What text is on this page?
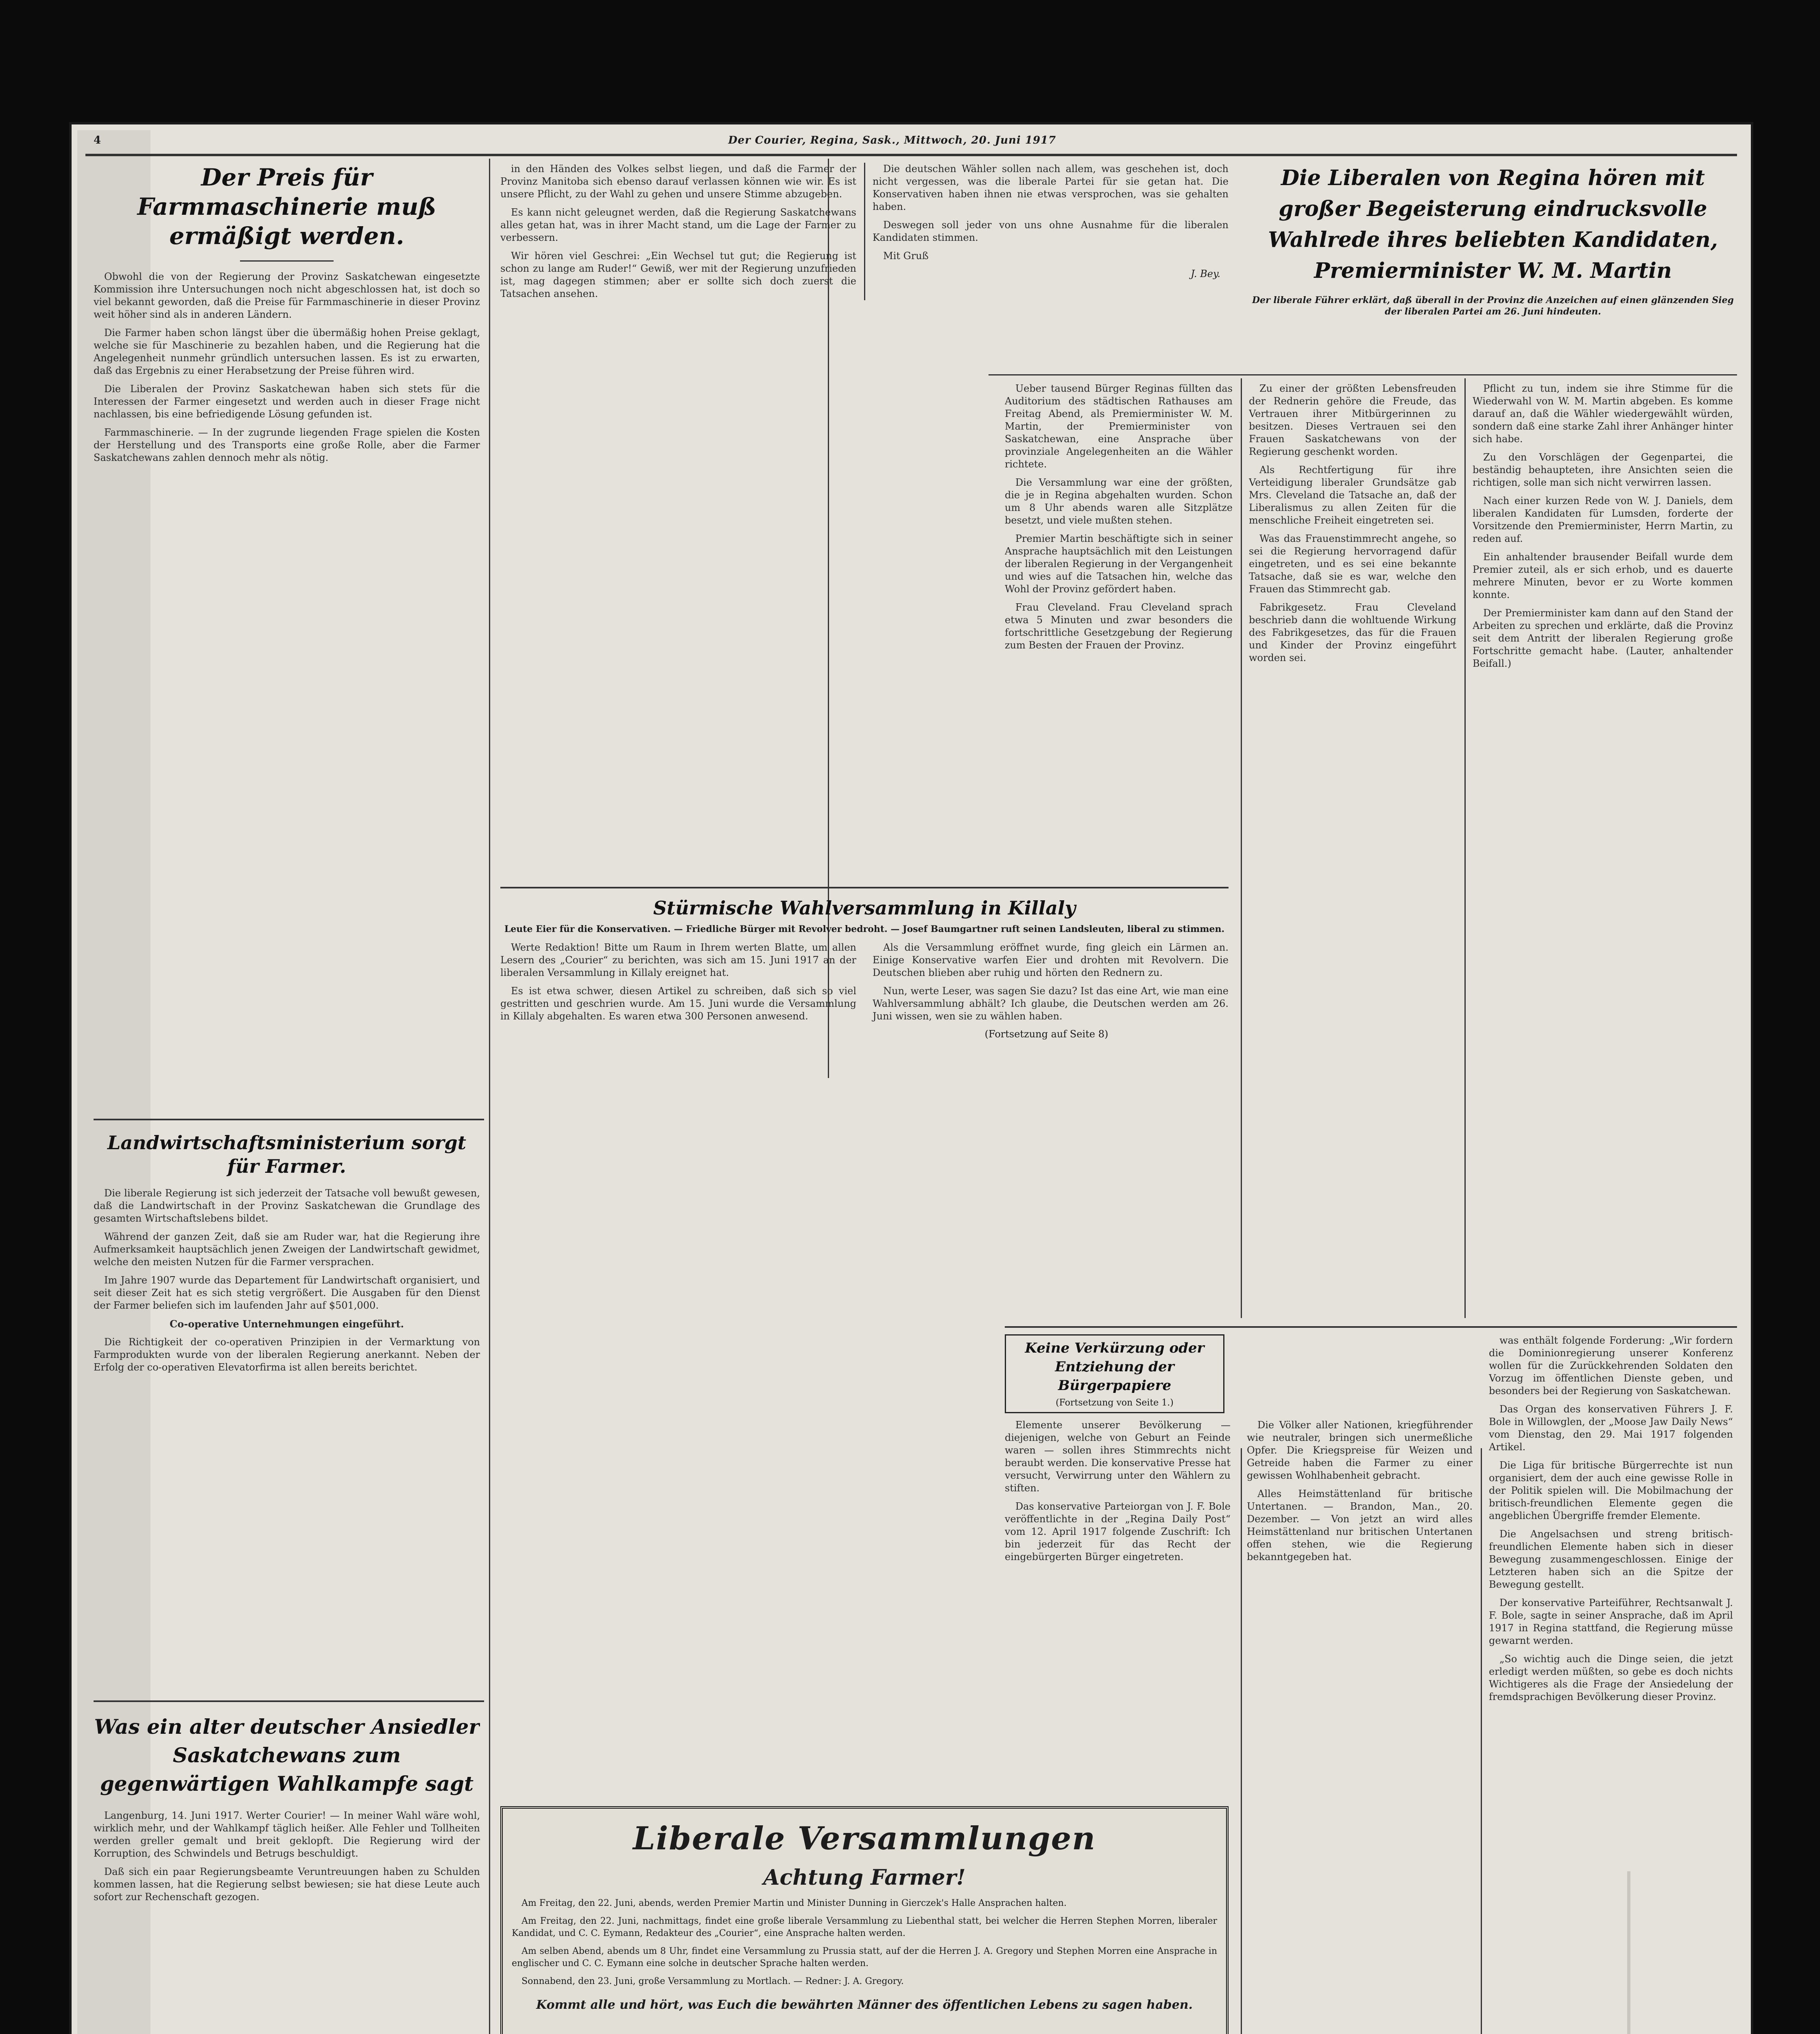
4	Der Courier, Regina, Sask., Mittwoch, 20. Juni 1917
Der Preis für Farmmaschinerie muß ermäßigt werden.

Obwohl die von der Regierung der Provinz Saskatchewan eingesetzte Kommission ihre Untersuchungen noch nicht abgeschlossen hat, ist doch so viel bekannt geworden, daß die Preise für Farmmaschinerie in dieser Provinz weit höher sind als in anderen Ländern.

Die Farmer haben schon längst über die übermäßig hohen Preise geklagt, welche sie für Maschinerie zu bezahlen haben, und die Regierung hat die Angelegenheit nunmehr gründlich untersuchen lassen. Es ist zu erwarten, daß das Ergebnis zu einer Herabsetzung der Preise führen wird.

Die Liberalen der Provinz Saskatchewan haben sich stets für die Interessen der Farmer eingesetzt und werden auch in dieser Frage nicht nachlassen, bis eine befriedigende Lösung gefunden ist.

Farmmaschinerie. — In der zugrunde liegenden Frage spielen die Kosten der Herstellung und des Transports eine große Rolle, aber die Farmer Saskatchewans zahlen dennoch mehr als nötig.

Landwirtschaftsministerium sorgt für Farmer.

Die liberale Regierung ist sich jederzeit der Tatsache voll bewußt gewesen, daß die Landwirtschaft in der Provinz Saskatchewan die Grundlage des gesamten Wirtschaftslebens bildet.

Während der ganzen Zeit, daß sie am Ruder war, hat die Regierung ihre Aufmerksamkeit hauptsächlich jenen Zweigen der Landwirtschaft gewidmet, welche den meisten Nutzen für die Farmer versprachen.

Im Jahre 1907 wurde das Departement für Landwirtschaft organisiert, und seit dieser Zeit hat es sich stetig vergrößert. Die Ausgaben für den Dienst der Farmer beliefen sich im laufenden Jahr auf $501,000.

Co-operative Unternehmungen eingeführt.

Die Richtigkeit der co-operativen Prinzipien in der Vermarktung von Farmprodukten wurde von der liberalen Regierung anerkannt. Neben der Erfolg der co-operativen Elevatorfirma ist allen bereits berichtet.

Was ein alter deutscher Ansiedler Saskatchewans zum gegenwärtigen Wahlkampfe sagt

Langenburg, 14. Juni 1917. Werter Courier! — In meiner Wahl wäre wohl, wirklich mehr, und der Wahlkampf täglich heißer. Alle Fehler und Tollheiten werden greller gemalt und breit geklopft. Die Regierung wird der Korruption, des Schwindels und Betrugs beschuldigt.

Daß sich ein paar Regierungsbeamte Veruntreuungen haben zu Schulden kommen lassen, hat die Regierung selbst bewiesen; sie hat diese Leute auch sofort zur Rechenschaft gezogen.

in den Händen des Volkes selbst liegen, und daß die Farmer der Provinz Manitoba sich ebenso darauf verlassen können wie wir. Es ist unsere Pflicht, zu der Wahl zu gehen und unsere Stimme abzugeben.

Es kann nicht geleugnet werden, daß die Regierung Saskatchewans alles getan hat, was in ihrer Macht stand, um die Lage der Farmer zu verbessern.

Wir hören viel Geschrei: „Ein Wechsel tut gut; die Regierung ist schon zu lange am Ruder!“ Gewiß, wer mit der Regierung unzufrieden ist, mag dagegen stimmen; aber er sollte sich doch zuerst die Tatsachen ansehen.

Die deutschen Wähler sollen nach allem, was geschehen ist, doch nicht vergessen, was die liberale Partei für sie getan hat. Die Konservativen haben ihnen nie etwas versprochen, was sie gehalten haben.

Deswegen soll jeder von uns ohne Ausnahme für die liberalen Kandidaten stimmen.

Mit Gruß

J. Bey.
Stürmische Wahlversammlung in Killaly
Leute Eier für die Konservativen. — Friedliche Bürger mit Revolver bedroht. — Josef Baumgartner ruft seinen Landsleuten, liberal zu stimmen.

Werte Redaktion! Bitte um Raum in Ihrem werten Blatte, um allen Lesern des „Courier“ zu berichten, was sich am 15. Juni 1917 an der liberalen Versammlung in Killaly ereignet hat.

Es ist etwa schwer, diesen Artikel zu schreiben, daß sich so viel gestritten und geschrien wurde. Am 15. Juni wurde die Versammlung in Killaly abgehalten. Es waren etwa 300 Personen anwesend.

Als die Versammlung eröffnet wurde, fing gleich ein Lärmen an. Einige Konservative warfen Eier und drohten mit Revolvern. Die Deutschen blieben aber ruhig und hörten den Rednern zu.

Nun, werte Leser, was sagen Sie dazu? Ist das eine Art, wie man eine Wahlversammlung abhält? Ich glaube, die Deutschen werden am 26. Juni wissen, wen sie zu wählen haben.

(Fortsetzung auf Seite 8)
Liberale Versammlungen
Achtung Farmer!

Am Freitag, den 22. Juni, abends, werden Premier Martin und Minister Dunning in Gierczek's Halle Ansprachen halten.

Am Freitag, den 22. Juni, nachmittags, findet eine große liberale Versammlung zu Liebenthal statt, bei welcher die Herren Stephen Morren, liberaler Kandidat, und C. C. Eymann, Redakteur des „Courier“, eine Ansprache halten werden.

Am selben Abend, abends um 8 Uhr, findet eine Versammlung zu Prussia statt, auf der die Herren J. A. Gregory und Stephen Morren eine Ansprache in englischer und C. C. Eymann eine solche in deutscher Sprache halten werden.

Sonnabend, den 23. Juni, große Versammlung zu Mortlach. — Redner: J. A. Gregory.

Kommt alle und hört, was Euch die bewährten Männer des öffentlichen Lebens zu sagen haben.
Die Liberalen von Regina hören mit großer Begeisterung eindrucksvolle Wahlrede ihres beliebten Kandidaten, Premierminister W. M. Martin
Der liberale Führer erklärt, daß überall in der Provinz die Anzeichen auf einen glänzenden Sieg der liberalen Partei am 26. Juni hindeuten.

Ueber tausend Bürger Reginas füllten das Auditorium des städtischen Rathauses am Freitag Abend, als Premierminister W. M. Martin, der Premierminister von Saskatchewan, eine Ansprache über provinziale Angelegenheiten an die Wähler richtete.

Die Versammlung war eine der größten, die je in Regina abgehalten wurden. Schon um 8 Uhr abends waren alle Sitzplätze besetzt, und viele mußten stehen.

Premier Martin beschäftigte sich in seiner Ansprache hauptsächlich mit den Leistungen der liberalen Regierung in der Vergangenheit und wies auf die Tatsachen hin, welche das Wohl der Provinz gefördert haben.

Frau Cleveland. Frau Cleveland sprach etwa 5 Minuten und zwar besonders die fortschrittliche Gesetzgebung der Regierung zum Besten der Frauen der Provinz.

Zu einer der größten Lebensfreuden der Rednerin gehöre die Freude, das Vertrauen ihrer Mitbürgerinnen zu besitzen. Dieses Vertrauen sei den Frauen Saskatchewans von der Regierung geschenkt worden.

Als Rechtfertigung für ihre Verteidigung liberaler Grundsätze gab Mrs. Cleveland die Tatsache an, daß der Liberalismus zu allen Zeiten für die menschliche Freiheit eingetreten sei.

Was das Frauenstimmrecht angehe, so sei die Regierung hervorragend dafür eingetreten, und es sei eine bekannte Tatsache, daß sie es war, welche den Frauen das Stimmrecht gab.

Fabrikgesetz. Frau Cleveland beschrieb dann die wohltuende Wirkung des Fabrikgesetzes, das für die Frauen und Kinder der Provinz eingeführt worden sei.

Pflicht zu tun, indem sie ihre Stimme für die Wiederwahl von W. M. Martin abgeben. Es komme darauf an, daß die Wähler wiedergewählt würden, sondern daß eine starke Zahl ihrer Anhänger hinter sich habe.

Zu den Vorschlägen der Gegenpartei, die beständig behaupteten, ihre Ansichten seien die richtigen, solle man sich nicht verwirren lassen.

Nach einer kurzen Rede von W. J. Daniels, dem liberalen Kandidaten für Lumsden, forderte der Vorsitzende den Premierminister, Herrn Martin, zu reden auf.

Ein anhaltender brausender Beifall wurde dem Premier zuteil, als er sich erhob, und es dauerte mehrere Minuten, bevor er zu Worte kommen konnte.

Der Premierminister kam dann auf den Stand der Arbeiten zu sprechen und erklärte, daß die Provinz seit dem Antritt der liberalen Regierung große Fortschritte gemacht habe. (Lauter, anhaltender Beifall.)

Keine Verkürzung oder Entziehung der Bürgerpapiere
(Fortsetzung von Seite 1.)

Elemente unserer Bevölkerung — diejenigen, welche von Geburt an Feinde waren — sollen ihres Stimmrechts nicht beraubt werden. Die konservative Presse hat versucht, Verwirrung unter den Wählern zu stiften.

Das konservative Parteiorgan von J. F. Bole veröffentlichte in der „Regina Daily Post“ vom 12. April 1917 folgende Zuschrift: Ich bin jederzeit für das Recht der eingebürgerten Bürger eingetreten.

Die Völker aller Nationen, kriegführender wie neutraler, bringen sich unermeßliche Opfer. Die Kriegspreise für Weizen und Getreide haben die Farmer zu einer gewissen Wohlhabenheit gebracht.

Alles Heimstättenland für britische Untertanen. — Brandon, Man., 20. Dezember. — Von jetzt an wird alles Heimstättenland nur britischen Untertanen offen stehen, wie die Regierung bekanntgegeben hat.

was enthält folgende Forderung: „Wir fordern die Dominionregierung unserer Konferenz wollen für die Zurückkehrenden Soldaten den Vorzug im öffentlichen Dienste geben, und besonders bei der Regierung von Saskatchewan.

Das Organ des konservativen Führers J. F. Bole in Willowglen, der „Moose Jaw Daily News“ vom Dienstag, den 29. Mai 1917 folgenden Artikel.

Die Liga für britische Bürgerrechte ist nun organisiert, dem der auch eine gewisse Rolle in der Politik spielen will. Die Mobilmachung der britisch-freundlichen Elemente gegen die angeblichen Übergriffe fremder Elemente.

Die Angelsachsen und streng britisch-freundlichen Elemente haben sich in dieser Bewegung zusammengeschlossen. Einige der Letzteren haben sich an die Spitze der Bewegung gestellt.

Der konservative Parteiführer, Rechtsanwalt J. F. Bole, sagte in seiner Ansprache, daß im April 1917 in Regina stattfand, die Regierung müsse gewarnt werden.

„So wichtig auch die Dinge seien, die jetzt erledigt werden müßten, so gebe es doch nichts Wichtigeres als die Frage der Ansiedelung der fremdsprachigen Bevölkerung dieser Provinz.
